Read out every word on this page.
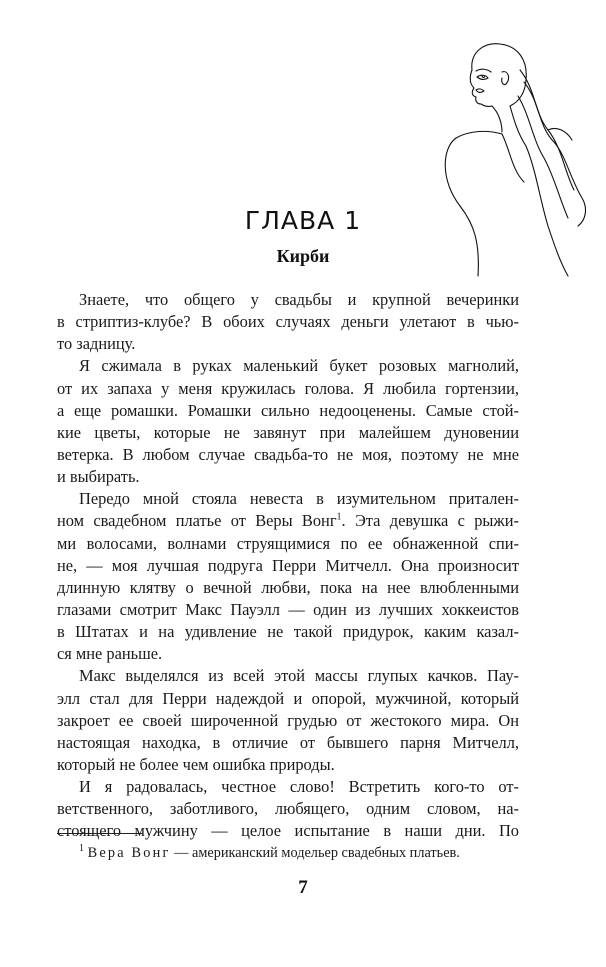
ГЛАВА 1
Кирби
Знаете, что общего у свадьбы и крупной вечеринки
в стриптиз-клубе? В обоих случаях деньги улетают в чью-
то задницу.
Я сжимала в руках маленький букет розовых магнолий,
от их запаха у меня кружилась голова. Я любила гортензии,
а еще ромашки. Ромашки сильно недооценены. Самые стой-
кие цветы, которые не завянут при малейшем дуновении
ветерка. В любом случае свадьба-то не моя, поэтому не мне
и выбирать.
Передо мной стояла невеста в изумительном притален-
ном свадебном платье от Веры Вонг$^1$. Эта девушка с рыжи-
ми волосами, волнами струящимися по ее обнаженной спи-
не, — моя лучшая подруга Перри Митчелл. Она произносит
длинную клятву о вечной любви, пока на нее влюбленными
глазами смотрит Макс Пауэлл — один из лучших хоккеистов
в Штатах и на удивление не такой придурок, каким казал-
ся мне раньше.
Макс выделялся из всей этой массы глупых качков. Пау-
элл стал для Перри надеждой и опорой, мужчиной, который
закроет ее своей широченной грудью от жестокого мира. Он
настоящая находка, в отличие от бывшего парня Митчелл,
который не более чем ошибка природы.
И я радовалась, честное слово! Встретить кого-то от-
ветственного, заботливого, любящего, одним словом, на-
стоящего мужчину — целое испытание в наши дни. По
$^1$ Вера Вонг — американский модельер свадебных платьев.
7
